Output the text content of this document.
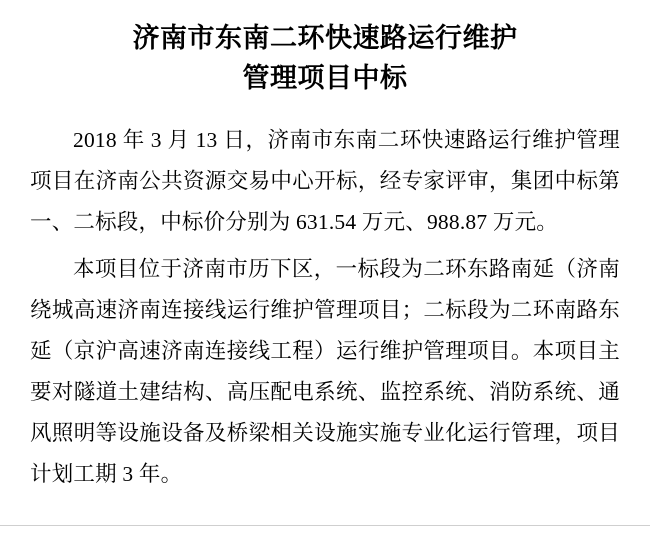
济南市东南二环快速路运行维护
管理项目中标

2018 年 3 月 13 日，济南市东南二环快速路运行维护管理项目在济南公共资源交易中心开标，经专家评审，集团中标第一、二标段，中标价分别为 631.54 万元、988.87 万元。

本项目位于济南市历下区，一标段为二环东路南延（济南绕城高速济南连接线运行维护管理项目；二标段为二环南路东延（京沪高速济南连接线工程）运行维护管理项目。本项目主要对隧道土建结构、高压配电系统、监控系统、消防系统、通风照明等设施设备及桥梁相关设施实施专业化运行管理，项目计划工期 3 年。
